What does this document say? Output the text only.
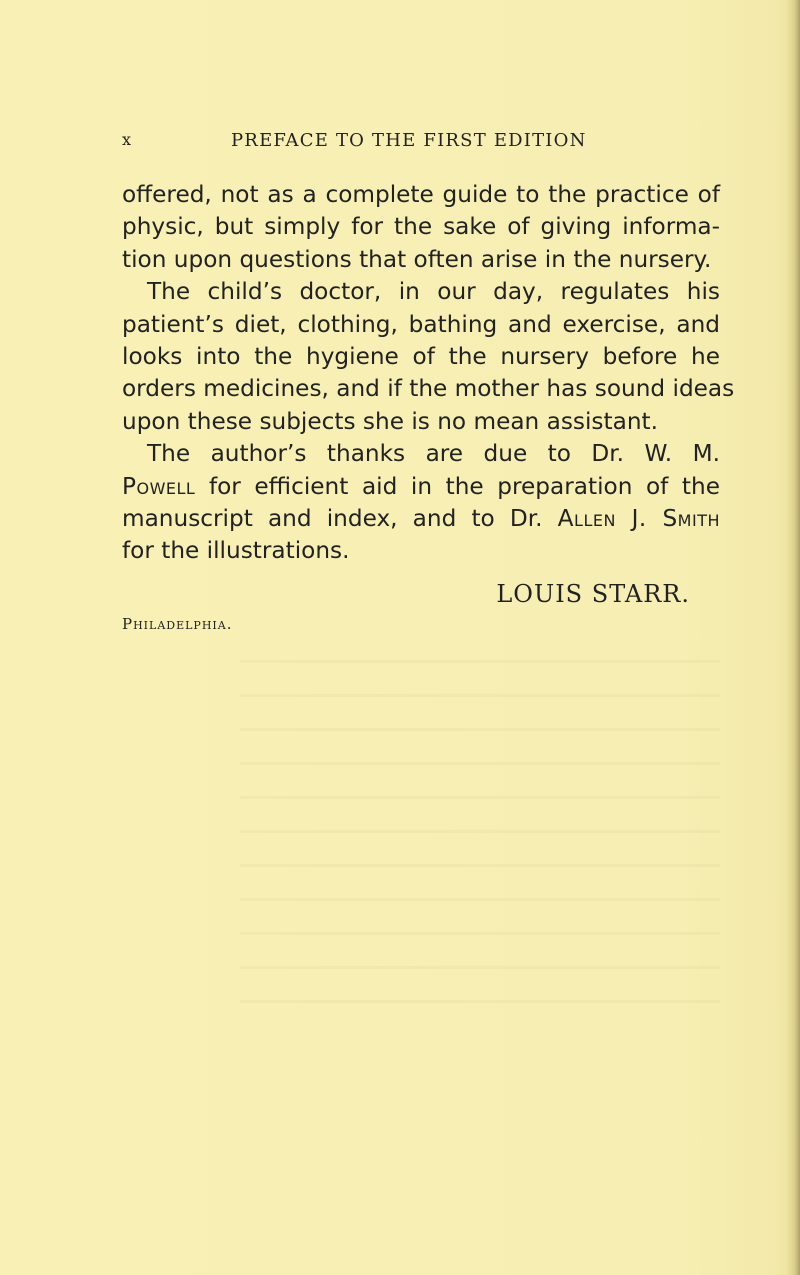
x	PREFACE TO THE FIRST EDITION
offered, not as a complete guide to the practice of
physic, but simply for the sake of giving informa-
tion upon questions that often arise in the nursery.
The child’s doctor, in our day, regulates his
patient’s diet, clothing, bathing and exercise, and
looks into the hygiene of the nursery before he
orders medicines, and if the mother has sound ideas
upon these subjects she is no mean assistant.
The author’s thanks are due to Dr. W. M.
Powell for efficient aid in the preparation of the
manuscript and index, and to Dr. Allen J. Smith
for the illustrations.
LOUIS STARR.
Philadelphia.
